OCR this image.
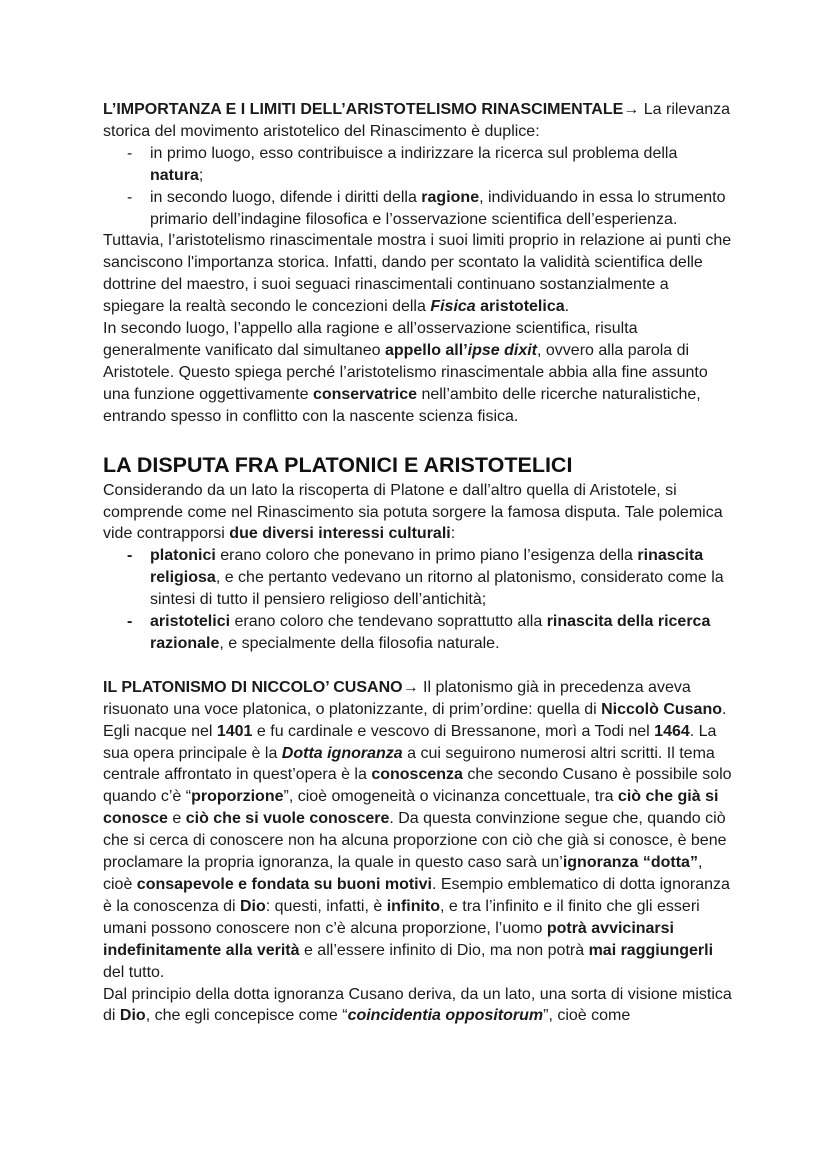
L’IMPORTANZA E I LIMITI DELL’ARISTOTELISMO RINASCIMENTALE→ La rilevanza storica del movimento aristotelico del Rinascimento è duplice:

- in primo luogo, esso contribuisce a indirizzare la ricerca sul problema della natura;
- in secondo luogo, difende i diritti della ragione, individuando in essa lo strumento primario dell’indagine filosofica e l’osservazione scientifica dell’esperienza.

Tuttavia, l’aristotelismo rinascimentale mostra i suoi limiti proprio in relazione ai punti che sanciscono l'importanza storica. Infatti, dando per scontato la validità scientifica delle dottrine del maestro, i suoi seguaci rinascimentali continuano sostanzialmente a spiegare la realtà secondo le concezioni della Fisica aristotelica.

In secondo luogo, l’appello alla ragione e all’osservazione scientifica, risulta generalmente vanificato dal simultaneo appello all’ipse dixit, ovvero alla parola di Aristotele. Questo spiega perché l’aristotelismo rinascimentale abbia alla fine assunto una funzione oggettivamente conservatrice nell’ambito delle ricerche naturalistiche, entrando spesso in conflitto con la nascente scienza fisica.

LA DISPUTA FRA PLATONICI E ARISTOTELICI

Considerando da un lato la riscoperta di Platone e dall’altro quella di Aristotele, si comprende come nel Rinascimento sia potuta sorgere la famosa disputa. Tale polemica vide contrapporsi due diversi interessi culturali:

- platonici erano coloro che ponevano in primo piano l’esigenza della rinascita religiosa, e che pertanto vedevano un ritorno al platonismo, considerato come la sintesi di tutto il pensiero religioso dell’antichità;
- aristotelici erano coloro che tendevano soprattutto alla rinascita della ricerca razionale, e specialmente della filosofia naturale.

IL PLATONISMO DI NICCOLO’ CUSANO→ Il platonismo già in precedenza aveva risuonato una voce platonica, o platonizzante, di prim’ordine: quella di Niccolò Cusano. Egli nacque nel 1401 e fu cardinale e vescovo di Bressanone, morì a Todi nel 1464. La sua opera principale è la Dotta ignoranza a cui seguirono numerosi altri scritti. Il tema centrale affrontato in quest’opera è la conoscenza che secondo Cusano è possibile solo quando c’è “proporzione”, cioè omogeneità o vicinanza concettuale, tra ciò che già si conosce e ciò che si vuole conoscere. Da questa convinzione segue che, quando ciò che si cerca di conoscere non ha alcuna proporzione con ciò che già si conosce, è bene proclamare la propria ignoranza, la quale in questo caso sarà un’ignoranza “dotta”, cioè consapevole e fondata su buoni motivi. Esempio emblematico di dotta ignoranza è la conoscenza di Dio: questi, infatti, è infinito, e tra l’infinito e il finito che gli esseri umani possono conoscere non c’è alcuna proporzione, l’uomo potrà avvicinarsi indefinitamente alla verità e all’essere infinito di Dio, ma non potrà mai raggiungerli del tutto.

Dal principio della dotta ignoranza Cusano deriva, da un lato, una sorta di visione mistica di Dio, che egli concepisce come “coincidentia oppositorum”, cioè come
